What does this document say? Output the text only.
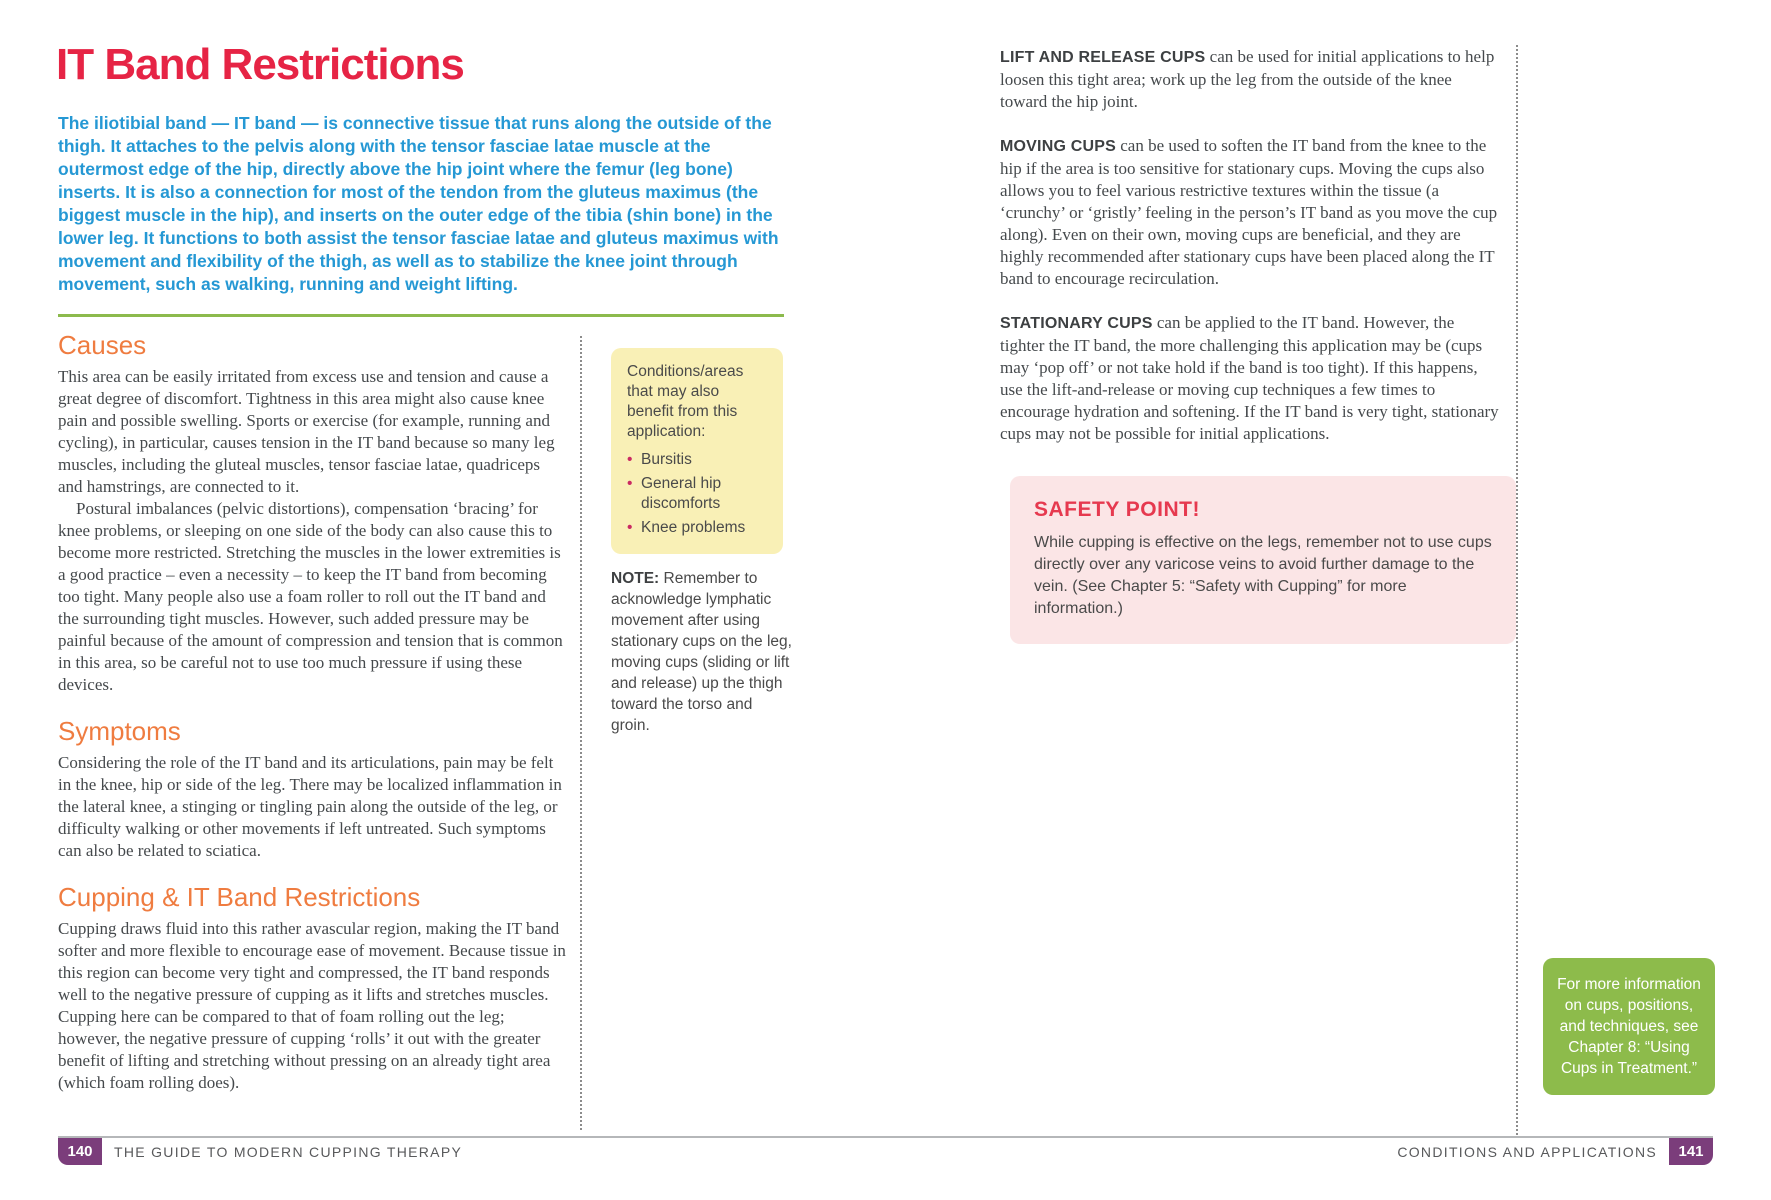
IT Band Restrictions

The iliotibial band — IT band — is connective tissue that runs along the outside of the thigh. It attaches to the pelvis along with the tensor fasciae latae muscle at the outermost edge of the hip, directly above the hip joint where the femur (leg bone) inserts. It is also a connection for most of the tendon from the gluteus maximus (the biggest muscle in the hip), and inserts on the outer edge of the tibia (shin bone) in the lower leg. It functions to both assist the tensor fasciae latae and gluteus maximus with movement and flexibility of the thigh, as well as to stabilize the knee joint through movement, such as walking, running and weight lifting.

Causes

This area can be easily irritated from excess use and tension and cause a great degree of discomfort. Tightness in this area might also cause knee pain and possible swelling. Sports or exercise (for example, running and cycling), in particular, causes tension in the IT band because so many leg muscles, including the gluteal muscles, tensor fasciae latae, quadriceps and hamstrings, are connected to it.

Postural imbalances (pelvic distortions), compensation ‘bracing’ for knee problems, or sleeping on one side of the body can also cause this to become more restricted. Stretching the muscles in the lower extremities is a good practice – even a necessity – to keep the IT band from becoming too tight. Many people also use a foam roller to roll out the IT band and the surrounding tight muscles. However, such added pressure may be painful because of the amount of compression and tension that is common in this area, so be careful not to use too much pressure if using these devices.

Symptoms

Considering the role of the IT band and its articulations, pain may be felt in the knee, hip or side of the leg. There may be localized inflammation in the lateral knee, a stinging or tingling pain along the outside of the leg, or difficulty walking or other movements if left untreated. Such symptoms can also be related to sciatica.

Cupping & IT Band Restrictions

Cupping draws fluid into this rather avascular region, making the IT band softer and more flexible to encourage ease of movement. Because tissue in this region can become very tight and compressed, the IT band responds well to the negative pressure of cupping as it lifts and stretches muscles. Cupping here can be compared to that of foam rolling out the leg; however, the negative pressure of cupping ‘rolls’ it out with the greater benefit of lifting and stretching without pressing on an already tight area (which foam rolling does).

Conditions/areas that may also benefit from this application:

• Bursitis
• General hip discomforts
• Knee problems

NOTE: Remember to acknowledge lymphatic movement after using stationary cups on the leg, moving cups (sliding or lift and release) up the thigh toward the torso and groin.

LIFT AND RELEASE CUPS can be used for initial applications to help loosen this tight area; work up the leg from the outside of the knee toward the hip joint.

MOVING CUPS can be used to soften the IT band from the knee to the hip if the area is too sensitive for stationary cups. Moving the cups also allows you to feel various restrictive textures within the tissue (a ‘crunchy’ or ‘gristly’ feeling in the person’s IT band as you move the cup along). Even on their own, moving cups are beneficial, and they are highly recommended after stationary cups have been placed along the IT band to encourage recirculation.

STATIONARY CUPS can be applied to the IT band. However, the tighter the IT band, the more challenging this application may be (cups may ‘pop off’ or not take hold if the band is too tight). If this happens, use the lift-and-release or moving cup techniques a few times to encourage hydration and softening. If the IT band is very tight, stationary cups may not be possible for initial applications.

SAFETY POINT!

While cupping is effective on the legs, remember not to use cups directly over any varicose veins to avoid further damage to the vein. (See Chapter 5: “Safety with Cupping” for more information.)

For more information on cups, positions, and techniques, see Chapter 8: “Using Cups in Treatment.”
140	THE GUIDE TO MODERN CUPPING THERAPY	CONDITIONS AND APPLICATIONS	141
